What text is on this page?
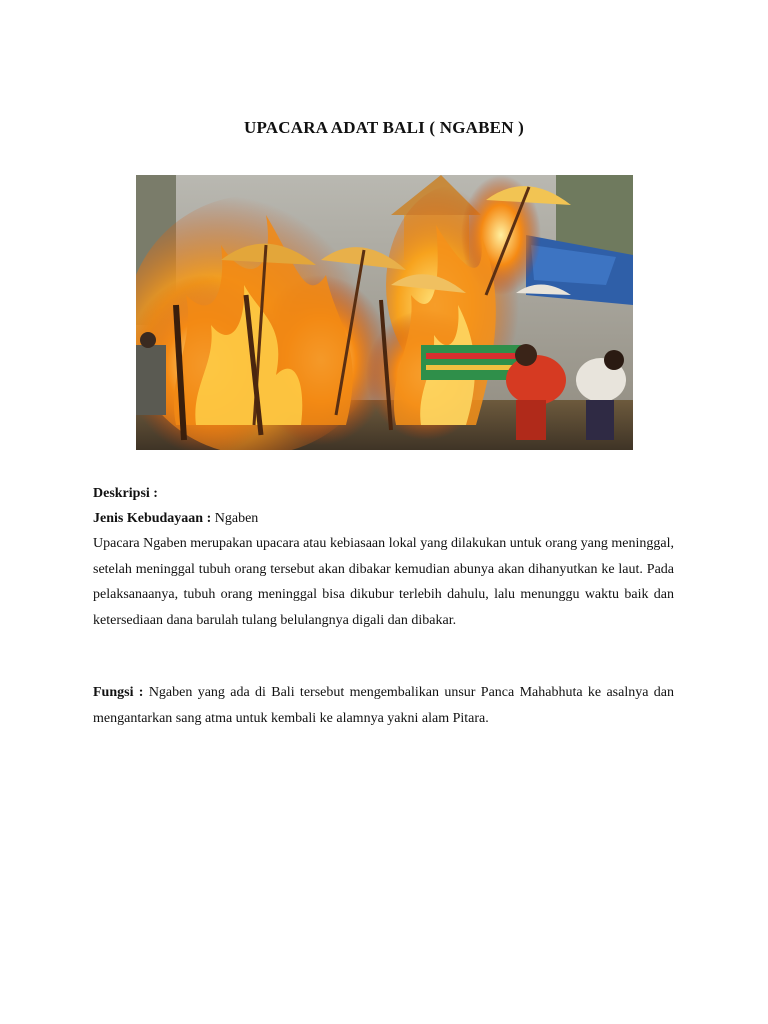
UPACARA ADAT BALI ( NGABEN )
Deskripsi :
Jenis Kebudayaan : Ngaben
Upacara Ngaben merupakan upacara atau kebiasaan lokal yang dilakukan untuk orang yang meninggal, setelah meninggal tubuh orang tersebut akan dibakar kemudian abunya akan dihanyutkan ke laut. Pada pelaksanaanya, tubuh orang meninggal bisa dikubur terlebih dahulu, lalu menunggu waktu baik dan ketersediaan dana barulah tulang belulangnya digali dan dibakar.
Fungsi : Ngaben yang ada di Bali tersebut mengembalikan unsur Panca Mahabhuta ke asalnya dan mengantarkan sang atma untuk kembali ke alamnya yakni alam Pitara.
